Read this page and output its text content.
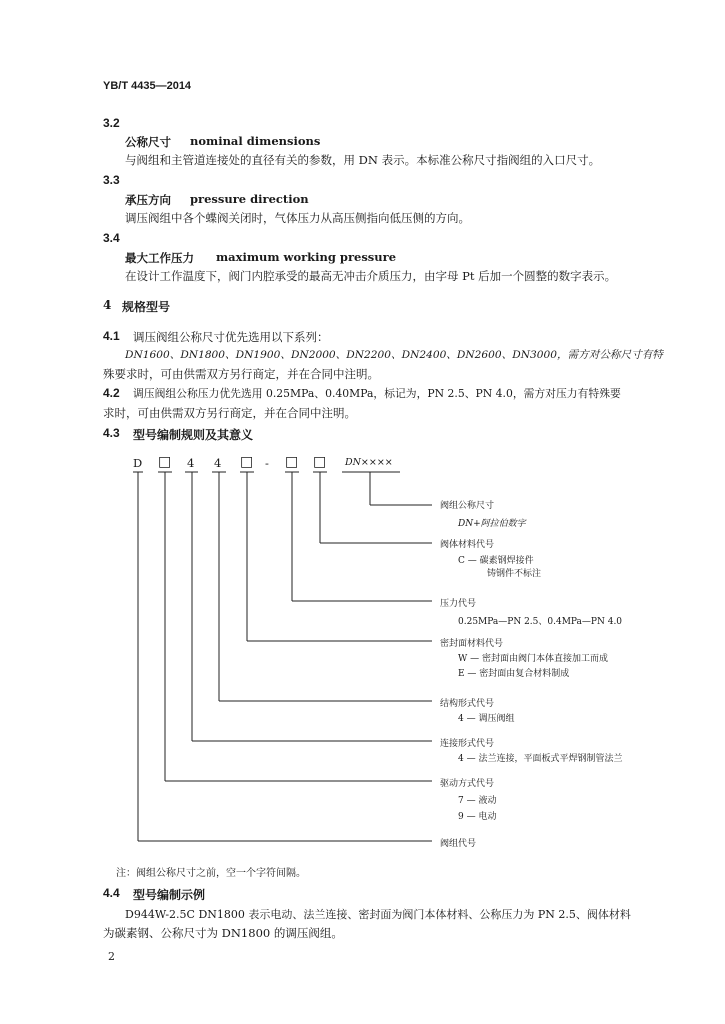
YB/T 4435—2014
3.2
公称尺寸 nominal dimensions
与阀组和主管道连接处的直径有关的参数，用 DN 表示。本标准公称尺寸指阀组的入口尺寸。
3.3
承压方向 pressure direction
调压阀组中各个蝶阀关闭时，气体压力从高压侧指向低压侧的方向。
3.4
最大工作压力 maximum working pressure
在设计工作温度下，阀门内腔承受的最高无冲击介质压力，由字母 Pt 后加一个圆整的数字表示。
4 规格型号
4.1 调压阀组公称尺寸优先选用以下系列：
DN1600、DN1800、DN1900、DN2000、DN2200、DN2400、DN2600、DN3000，需方对公称尺寸有特
殊要求时，可由供需双方另行商定，并在合同中注明。
4.2 调压阀组公称压力优先选用 0.25MPa、0.40MPa，标记为，PN 2.5、PN 4.0，需方对压力有特殊要
求时，可由供需双方另行商定，并在合同中注明。
4.3 型号编制规则及其意义
D □ 4 4 □ - □ □ DN××××
阀组公称尺寸
DN+阿拉伯数字
阀体材料代号
C — 碳素钢焊接件
铸钢件不标注
压力代号
0.25MPa—PN 2.5、0.4MPa—PN 4.0
密封面材料代号
W — 密封面由阀门本体直接加工而成
E — 密封面由复合材料制成
结构形式代号
4 — 调压阀组
连接形式代号
4 — 法兰连接，平面板式平焊钢制管法兰
驱动方式代号
7 — 液动
9 — 电动
阀组代号
注：阀组公称尺寸之前，空一个字符间隔。
4.4 型号编制示例
D944W-2.5C DN1800 表示电动、法兰连接、密封面为阀门本体材料、公称压力为 PN 2.5、阀体材料
为碳素钢、公称尺寸为 DN1800 的调压阀组。
2
